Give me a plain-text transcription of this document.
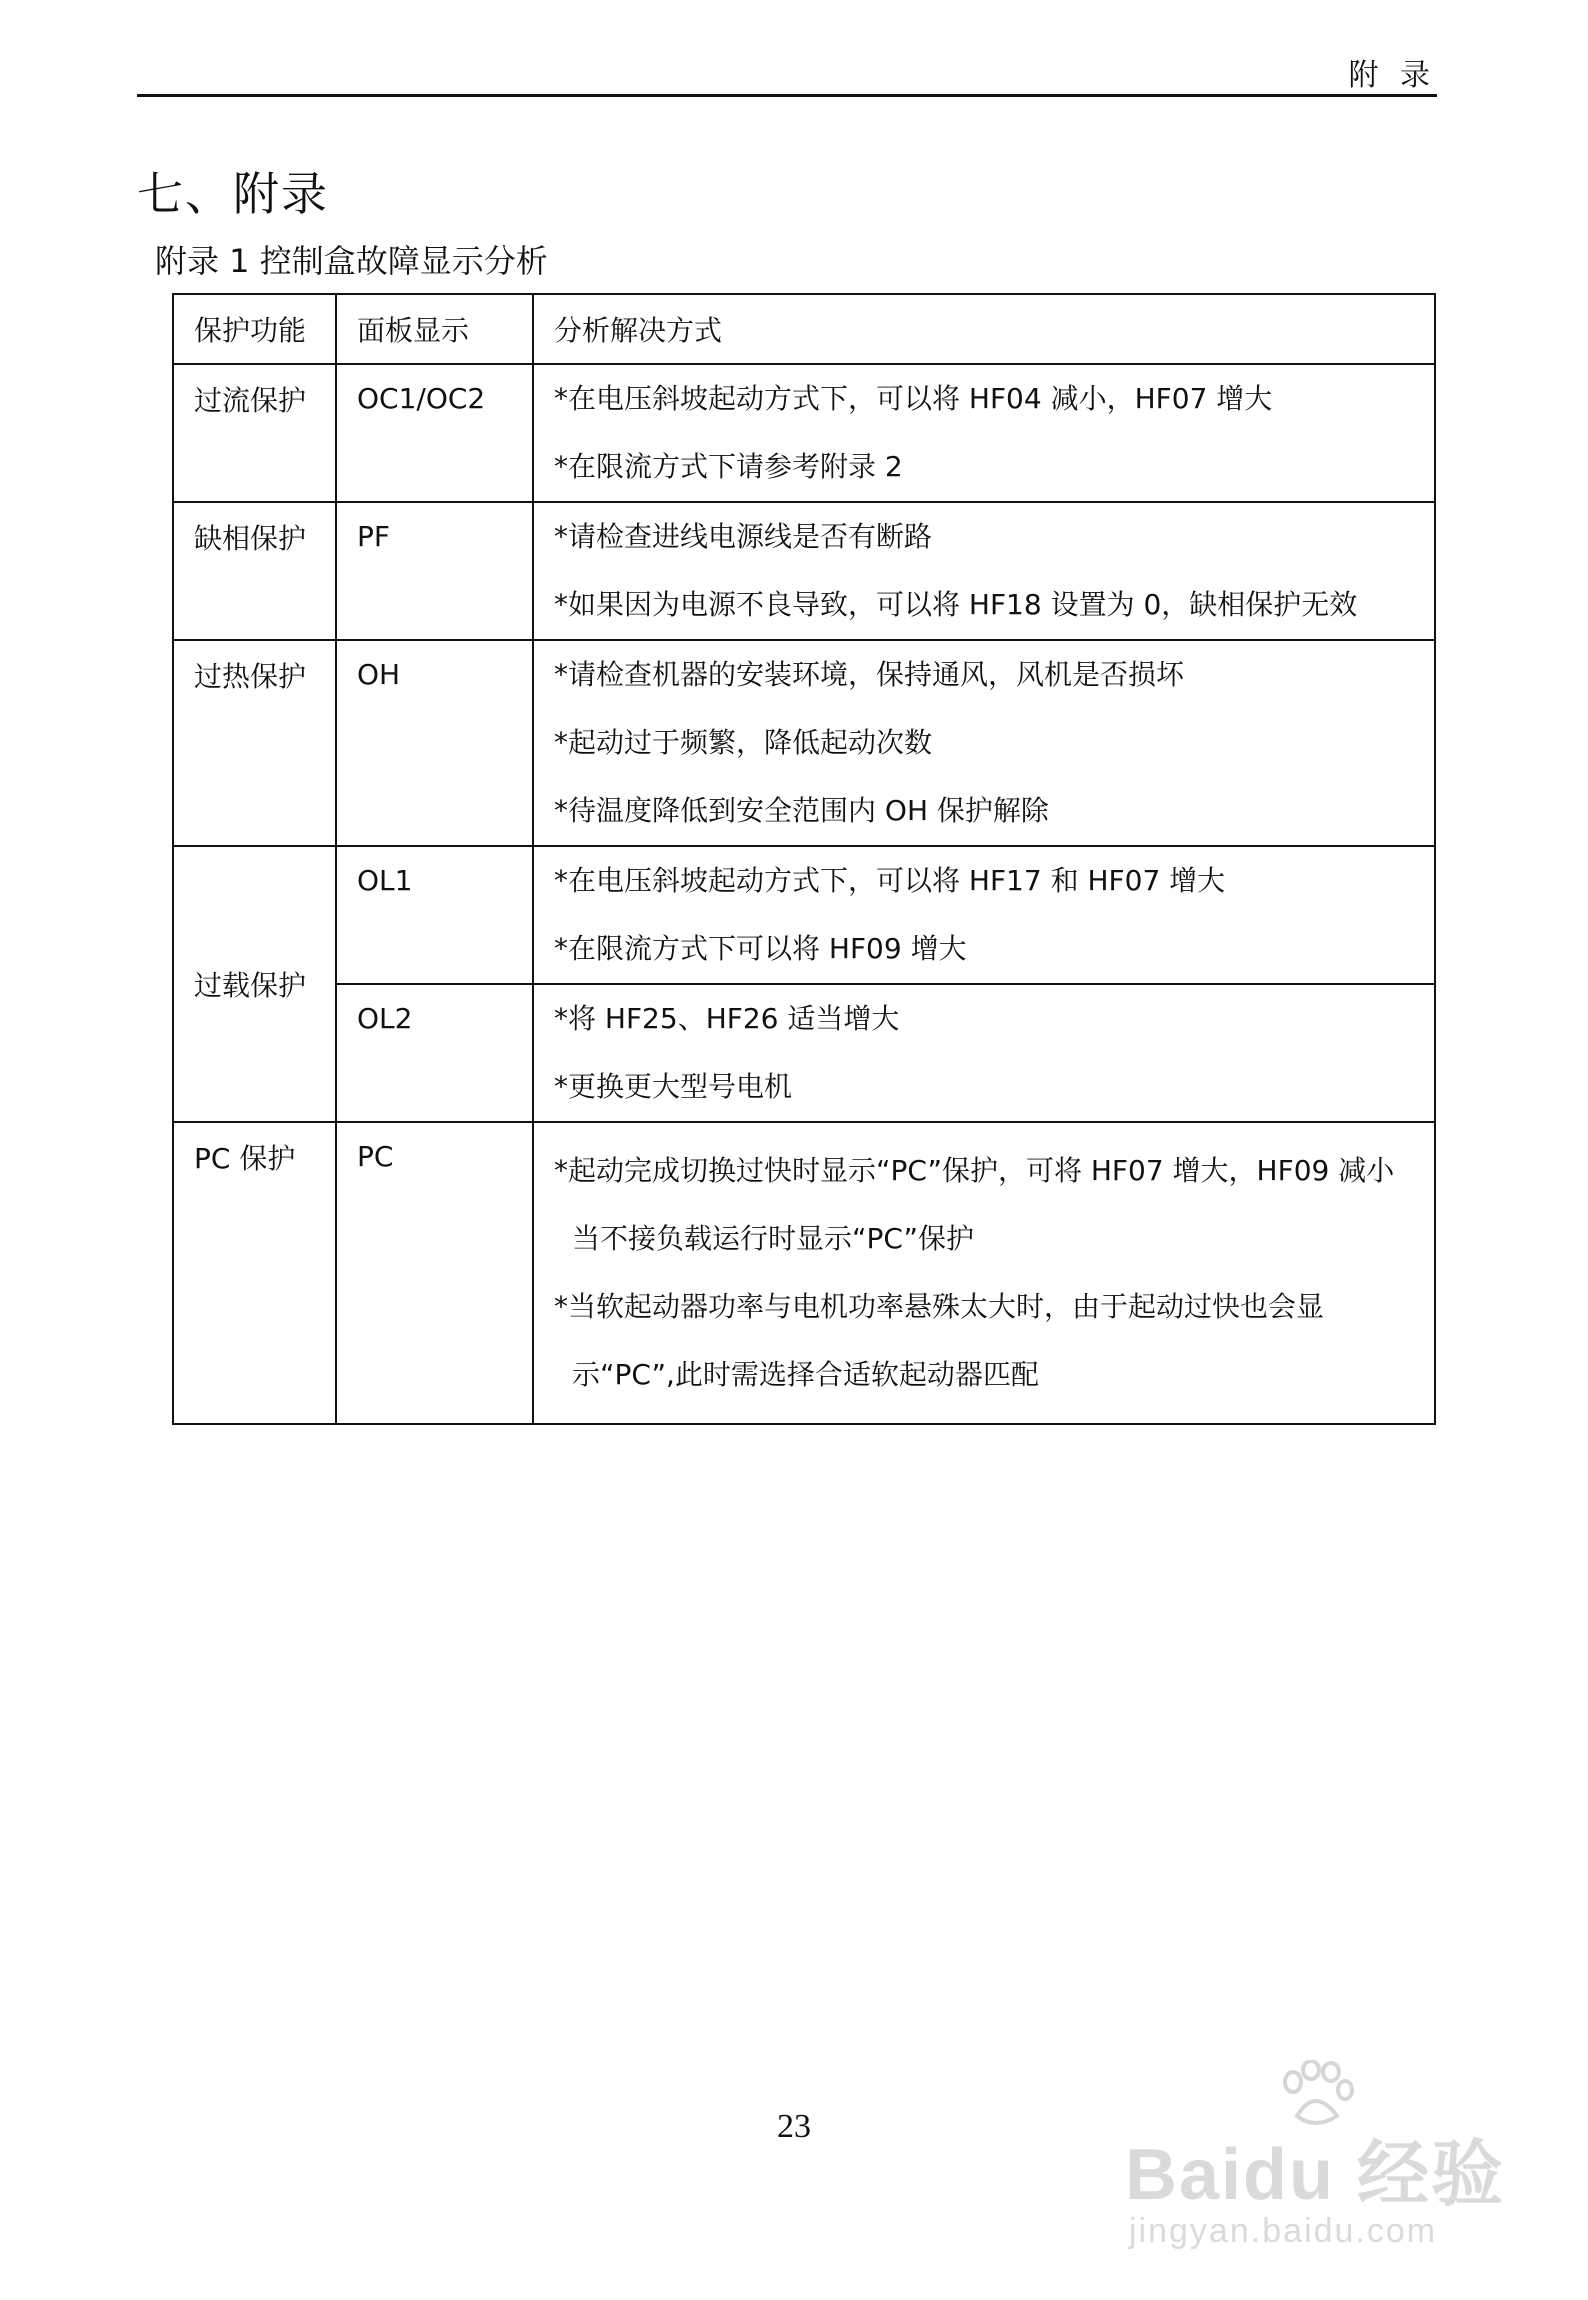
附 录
七、附录
附录 1 控制盒故障显示分析
保护功能	面板显示	分析解决方式
过流保护	OC1/OC2	*在电压斜坡起动方式下，可以将 HF04 减小，HF07 增大
*在限流方式下请参考附录 2

缺相保护	PF	*请检查进线电源线是否有断路
*如果因为电源不良导致，可以将 HF18 设置为 0，缺相保护无效

过热保护	OH	*请检查机器的安装环境，保持通风，风机是否损坏
*起动过于频繁，降低起动次数
*待温度降低到安全范围内 OH 保护解除

过载保护	OL1	*在电压斜坡起动方式下，可以将 HF17 和 HF07 增大
*在限流方式下可以将 HF09 增大

	OL2	*将 HF25、HF26 适当增大
*更换更大型号电机

PC 保护	PC	*起动完成切换过快时显示“PC”保护，可将 HF07 增大，HF09 减小当不接负载运行时显示“PC”保护
*当软起动器功率与电机功率悬殊太大时，由于起动过快也会显示“PC”,此时需选择合适软起动器匹配
23
Baidu 经验
jingyan.baidu.com
